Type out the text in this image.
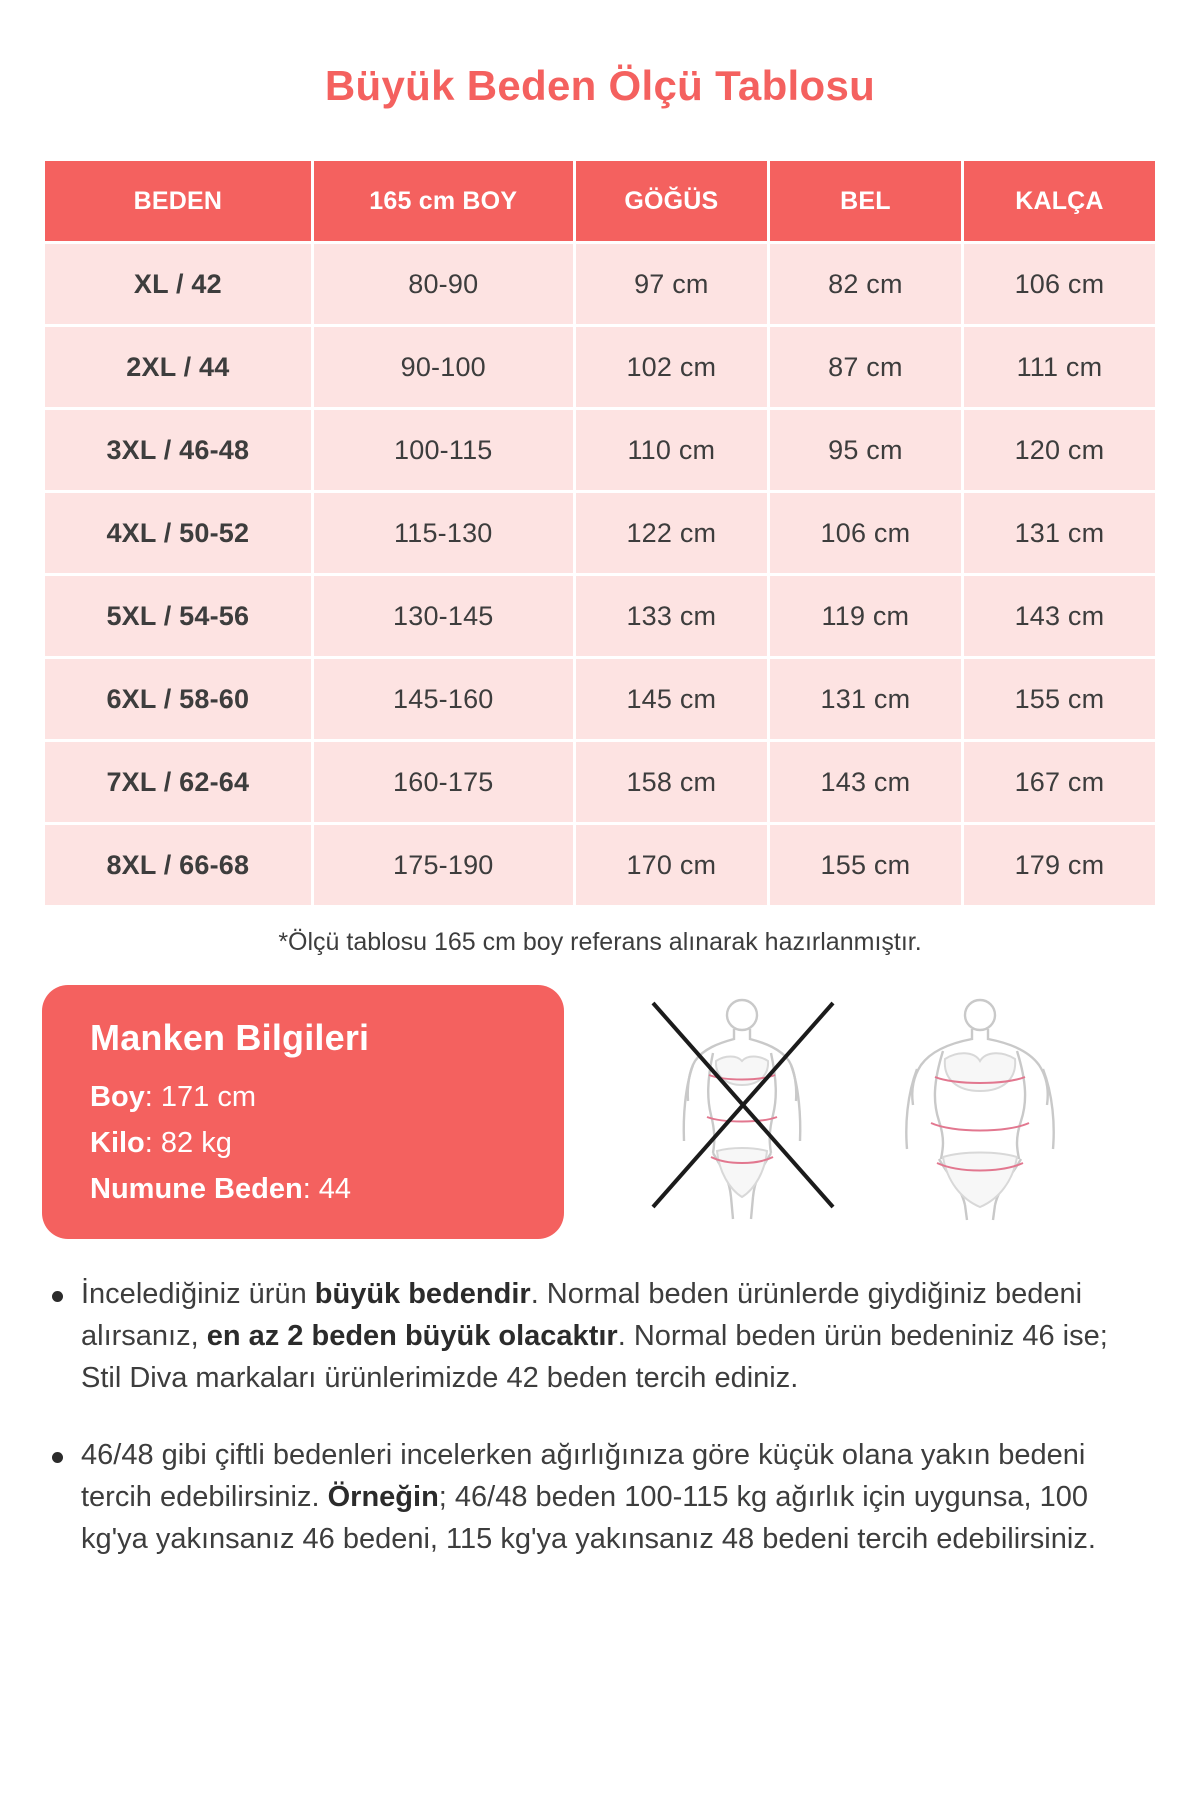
Büyük Beden Ölçü Tablosu
BEDEN	165 cm BOY	GÖĞÜS	BEL	KALÇA
XL / 42	80-90	97 cm	82 cm	106 cm
2XL / 44	90-100	102 cm	87 cm	111 cm
3XL / 46-48	100-115	110 cm	95 cm	120 cm
4XL / 50-52	115-130	122 cm	106 cm	131 cm
5XL / 54-56	130-145	133 cm	119 cm	143 cm
6XL / 58-60	145-160	145 cm	131 cm	155 cm
7XL / 62-64	160-175	158 cm	143 cm	167 cm
8XL / 66-68	175-190	170 cm	155 cm	179 cm
*Ölçü tablosu 165 cm boy referans alınarak hazırlanmıştır.
Manken Bilgileri
Boy: 171 cm
Kilo: 82 kg
Numune Beden: 44

İncelediğiniz ürün büyük bedendir. Normal beden ürünlerde giydiğiniz bedeni alırsanız, en az 2 beden büyük olacaktır. Normal beden ürün bedeniniz 46 ise; Stil Diva markaları ürünlerimizde 42 beden tercih ediniz.

46/48 gibi çiftli bedenleri incelerken ağırlığınıza göre küçük olana yakın bedeni tercih edebilirsiniz. Örneğin; 46/48 beden 100-115 kg ağırlık için uygunsa, 100 kg'ya yakınsanız 46 bedeni, 115 kg'ya yakınsanız 48 bedeni tercih edebilirsiniz.
